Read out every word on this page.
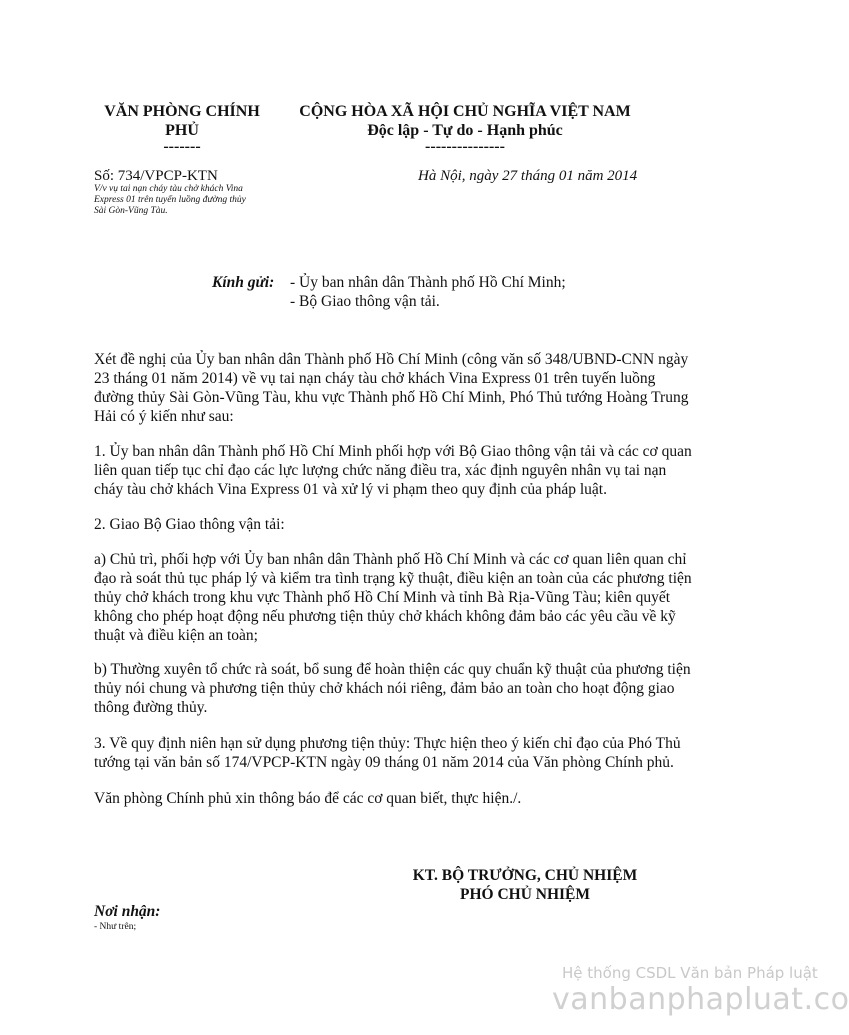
VĂN PHÒNG CHÍNH
PHỦ
-------
CỘNG HÒA XÃ HỘI CHỦ NGHĨA VIỆT NAM
Độc lập - Tự do - Hạnh phúc
---------------
Số: 734/VPCP-KTN
V/v vụ tai nạn cháy tàu chở khách Vina
Express 01 trên tuyến luồng đường thủy
Sài Gòn-Vũng Tàu.
Hà Nội, ngày 27 tháng 01 năm 2014
Kính gửi: - Ủy ban nhân dân Thành phố Hồ Chí Minh;
- Bộ Giao thông vận tải.
Xét đề nghị của Ủy ban nhân dân Thành phố Hồ Chí Minh (công văn số 348/UBND-CNN ngày
23 tháng 01 năm 2014) về vụ tai nạn cháy tàu chở khách Vina Express 01 trên tuyến luồng
đường thủy Sài Gòn-Vũng Tàu, khu vực Thành phố Hồ Chí Minh, Phó Thủ tướng Hoàng Trung
Hải có ý kiến như sau:
1. Ủy ban nhân dân Thành phố Hồ Chí Minh phối hợp với Bộ Giao thông vận tải và các cơ quan
liên quan tiếp tục chỉ đạo các lực lượng chức năng điều tra, xác định nguyên nhân vụ tai nạn
cháy tàu chở khách Vina Express 01 và xử lý vi phạm theo quy định của pháp luật.
2. Giao Bộ Giao thông vận tải:
a) Chủ trì, phối hợp với Ủy ban nhân dân Thành phố Hồ Chí Minh và các cơ quan liên quan chỉ
đạo rà soát thủ tục pháp lý và kiểm tra tình trạng kỹ thuật, điều kiện an toàn của các phương tiện
thủy chở khách trong khu vực Thành phố Hồ Chí Minh và tỉnh Bà Rịa-Vũng Tàu; kiên quyết
không cho phép hoạt động nếu phương tiện thủy chở khách không đảm bảo các yêu cầu về kỹ
thuật và điều kiện an toàn;
b) Thường xuyên tổ chức rà soát, bổ sung để hoàn thiện các quy chuẩn kỹ thuật của phương tiện
thủy nói chung và phương tiện thủy chở khách nói riêng, đảm bảo an toàn cho hoạt động giao
thông đường thủy.
3. Về quy định niên hạn sử dụng phương tiện thủy: Thực hiện theo ý kiến chỉ đạo của Phó Thủ
tướng tại văn bản số 174/VPCP-KTN ngày 09 tháng 01 năm 2014 của Văn phòng Chính phủ.
Văn phòng Chính phủ xin thông báo để các cơ quan biết, thực hiện./.
KT. BỘ TRƯỞNG, CHỦ NHIỆM
PHÓ CHỦ NHIỆM
Nơi nhận:
- Như trên;
Hệ thống CSDL Văn bản Pháp luật
vanbanphapluat.co
